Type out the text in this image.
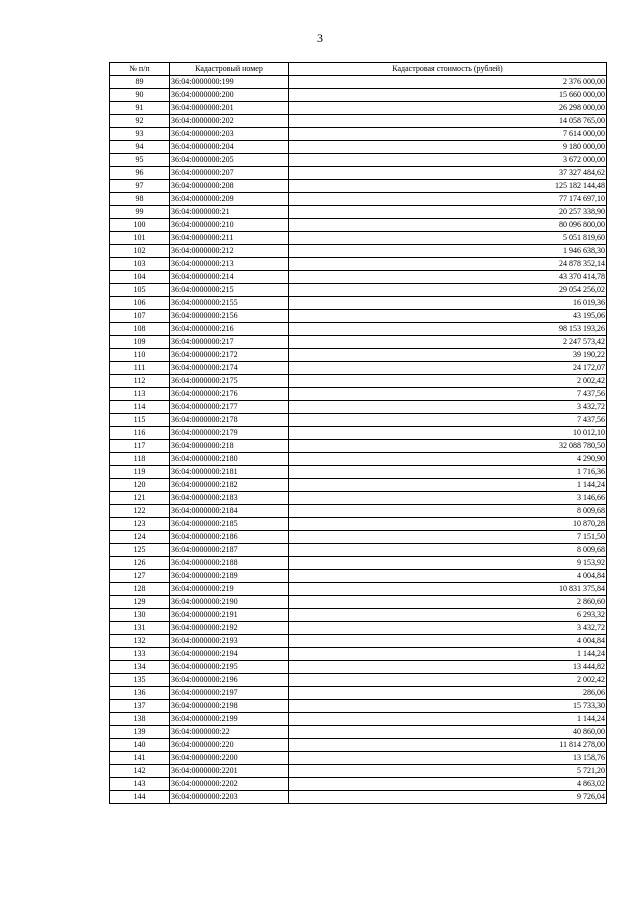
3
№ п/п	Кадастровый номер	Кадастровая стоимость (рублей)
89	36:04:0000000:199	2 376 000,00
90	36:04:0000000:200	15 660 000,00
91	36:04:0000000:201	26 298 000,00
92	36:04:0000000:202	14 058 765,00
93	36:04:0000000:203	7 614 000,00
94	36:04:0000000:204	9 180 000,00
95	36:04:0000000:205	3 672 000,00
96	36:04:0000000:207	37 327 484,62
97	36:04:0000000:208	125 182 144,48
98	36:04:0000000:209	77 174 697,10
99	36:04:0000000:21	20 257 338,90
100	36:04:0000000:210	80 096 800,00
101	36:04:0000000:211	5 051 819,60
102	36:04:0000000:212	1 946 638,30
103	36:04:0000000:213	24 878 352,14
104	36:04:0000000:214	43 370 414,78
105	36:04:0000000:215	29 054 256,02
106	36:04:0000000:2155	16 019,36
107	36:04:0000000:2156	43 195,06
108	36:04:0000000:216	98 153 193,26
109	36:04:0000000:217	2 247 573,42
110	36:04:0000000:2172	39 190,22
111	36:04:0000000:2174	24 172,07
112	36:04:0000000:2175	2 002,42
113	36:04:0000000:2176	7 437,56
114	36:04:0000000:2177	3 432,72
115	36:04:0000000:2178	7 437,56
116	36:04:0000000:2179	10 012,10
117	36:04:0000000:218	32 088 780,50
118	36:04:0000000:2180	4 290,90
119	36:04:0000000:2181	1 716,36
120	36:04:0000000:2182	1 144,24
121	36:04:0000000:2183	3 146,66
122	36:04:0000000:2184	8 009,68
123	36:04:0000000:2185	10 870,28
124	36:04:0000000:2186	7 151,50
125	36:04:0000000:2187	8 009,68
126	36:04:0000000:2188	9 153,92
127	36:04:0000000:2189	4 004,84
128	36:04:0000000:219	10 831 375,84
129	36:04:0000000:2190	2 860,60
130	36:04:0000000:2191	6 293,32
131	36:04:0000000:2192	3 432,72
132	36:04:0000000:2193	4 004,84
133	36:04:0000000:2194	1 144,24
134	36:04:0000000:2195	13 444,82
135	36:04:0000000:2196	2 002,42
136	36:04:0000000:2197	286,06
137	36:04:0000000:2198	15 733,30
138	36:04:0000000:2199	1 144,24
139	36:04:0000000:22	40 860,00
140	36:04:0000000:220	11 814 278,00
141	36:04:0000000:2200	13 158,76
142	36:04:0000000:2201	5 721,20
143	36:04:0000000:2202	4 863,02
144	36:04:0000000:2203	9 726,04
